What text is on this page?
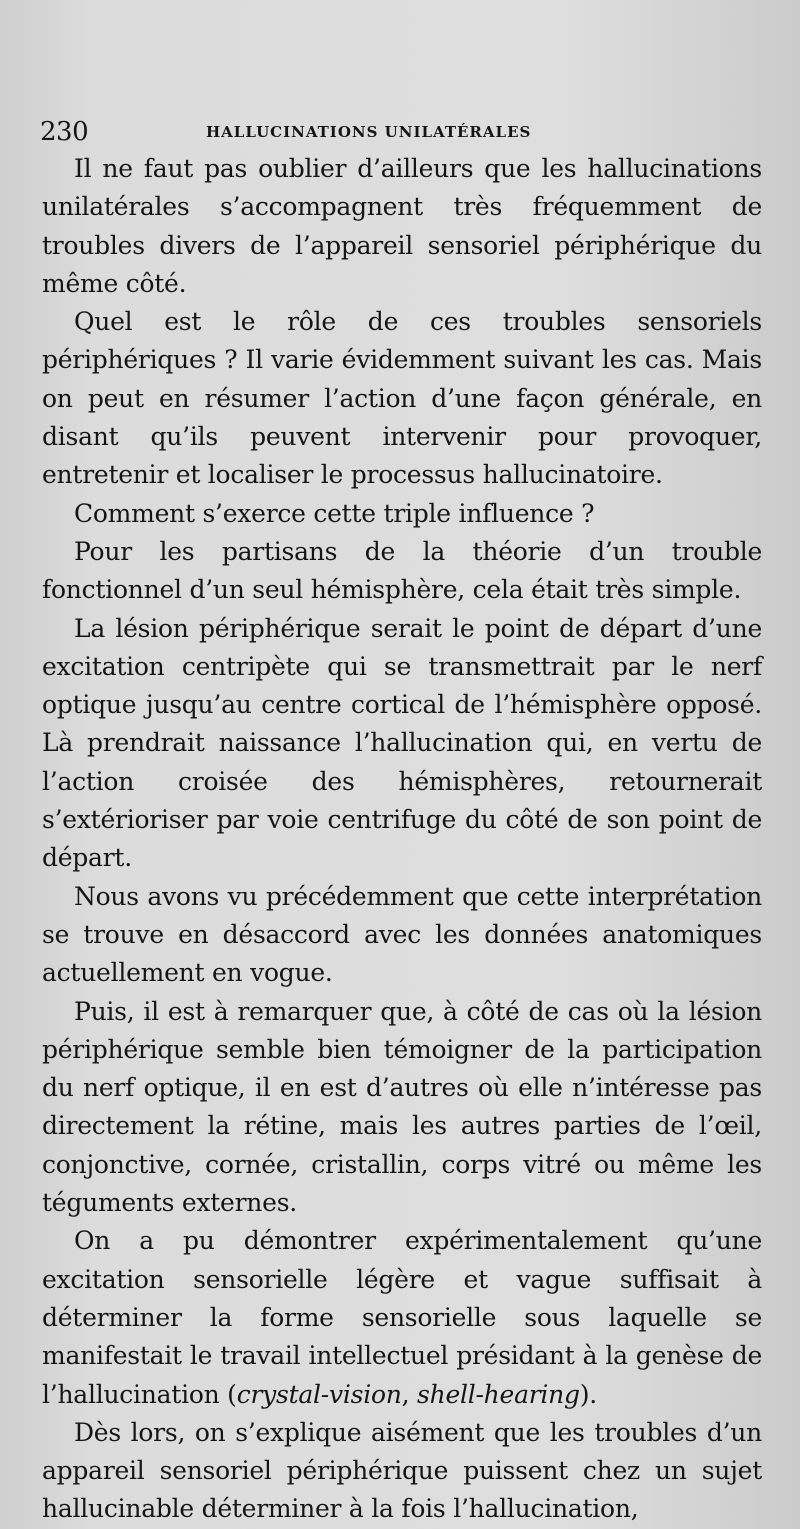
230	HALLUCINATIONS UNILATÉRALES

Il ne faut pas oublier d’ailleurs que les hallucinations unilatérales s’accompagnent très fréquemment de troubles divers de l’appareil sensoriel périphérique du même côté.

Quel est le rôle de ces troubles sensoriels périphériques ? Il varie évidemment suivant les cas. Mais on peut en résumer l’action d’une façon générale, en disant qu’ils peuvent intervenir pour provoquer, entretenir et localiser le processus hallucinatoire.

Comment s’exerce cette triple influence ?

Pour les partisans de la théorie d’un trouble fonctionnel d’un seul hémisphère, cela était très simple.

La lésion périphérique serait le point de départ d’une excitation centripète qui se transmettrait par le nerf optique jusqu’au centre cortical de l’hémisphère opposé. Là prendrait naissance l’hallucination qui, en vertu de l’action croisée des hémisphères, retournerait s’extérioriser par voie centrifuge du côté de son point de départ.

Nous avons vu précédemment que cette interprétation se trouve en désaccord avec les données anatomiques actuellement en vogue.

Puis, il est à remarquer que, à côté de cas où la lésion périphérique semble bien témoigner de la participation du nerf optique, il en est d’autres où elle n’intéresse pas directement la rétine, mais les autres parties de l’œil, conjonctive, cornée, cristallin, corps vitré ou même les téguments externes.

On a pu démontrer expérimentalement qu’une excitation sensorielle légère et vague suffisait à déterminer la forme sensorielle sous laquelle se manifestait le travail intellectuel présidant à la genèse de l’hallucination (crystal-vision, shell-hearing).

Dès lors, on s’explique aisément que les troubles d’un appareil sensoriel périphérique puissent chez un sujet hallucinable déterminer à la fois l’hallucination,
